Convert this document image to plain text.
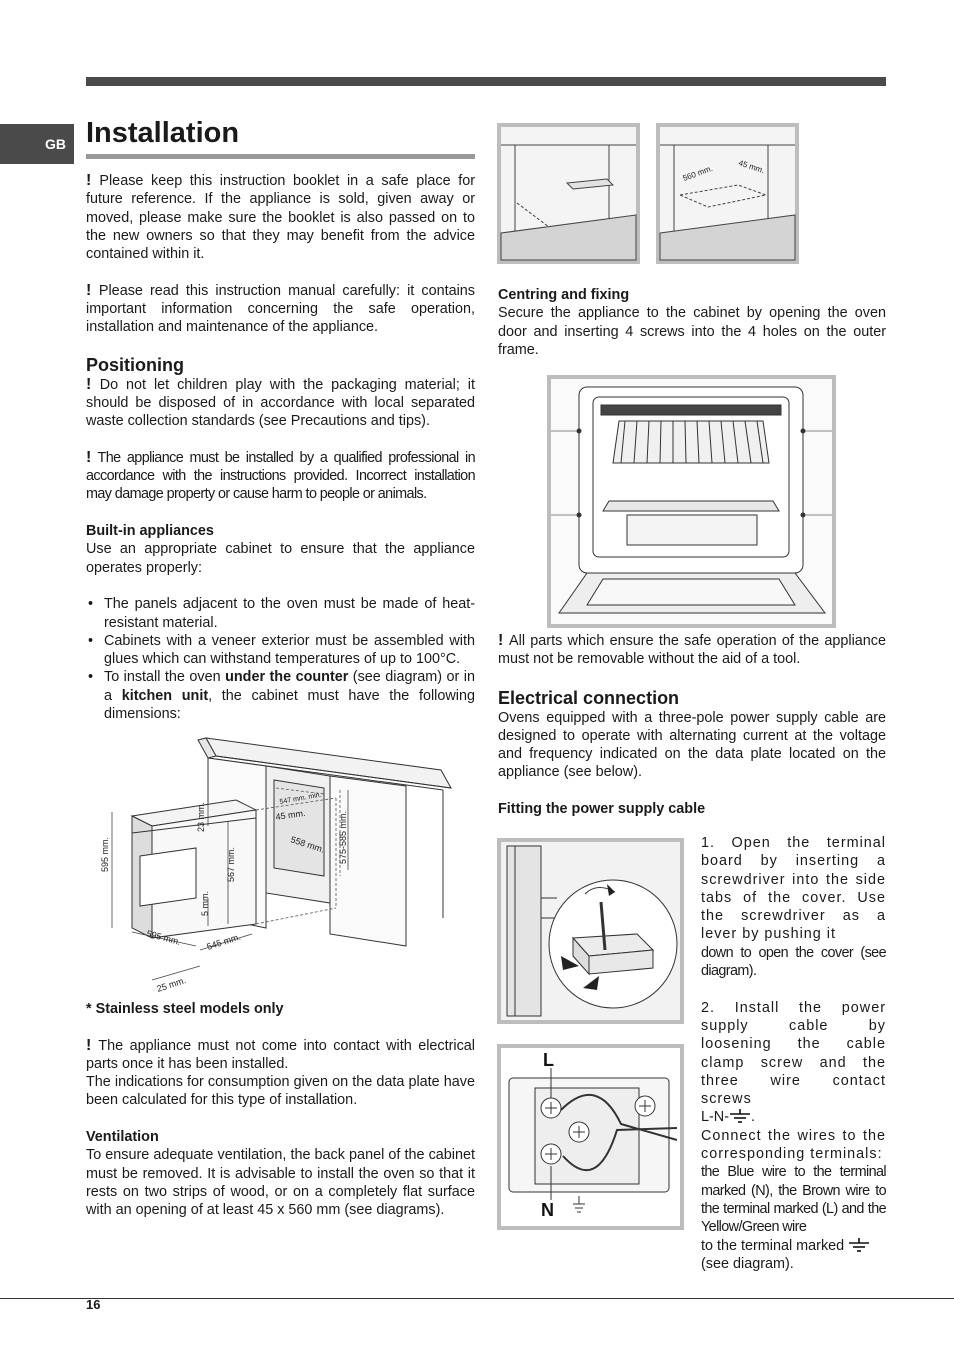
GB Installation

! Please keep this instruction booklet in a safe place for future reference. If the appliance is sold, given away or moved, please make sure the booklet is also passed on to the new owners so that they may benefit from the advice contained within it.

! Please read this instruction manual carefully: it contains important information concerning the safe operation, installation and maintenance of the appliance.

Positioning

! Do not let children play with the packaging material; it should be disposed of in accordance with local separated waste collection standards (see Precautions and tips).

! The appliance must be installed by a qualified professional in accordance with the instructions provided. Incorrect installation may damage property or cause harm to people or animals.

Built-in appliances

Use an appropriate cabinet to ensure that the appliance operates properly:

• The panels adjacent to the oven must be made of heat-resistant material.
• Cabinets with a veneer exterior must be assembled with glues which can withstand temperatures of up to 100°C.
• To install the oven under the counter (see diagram) or in a kitchen unit, the cabinet must have the following dimensions:
595 mm.
23 mm.
567 mm.
5 mm.
595 mm.	545 mm.
25 mm.
547 mm. min.
45 mm.
558 mm. 575-585 mm.
* Stainless steel models only

! The appliance must not come into contact with electrical parts once it has been installed.

The indications for consumption given on the data plate have been calculated for this type of installation.

Ventilation

To ensure adequate ventilation, the back panel of the cabinet must be removed. It is advisable to install the oven so that it rests on two strips of wood, or on a completely flat surface with an opening of at least 45 x 560 mm (see diagrams).

560 mm.	45 mm.
Centring and fixing

Secure the appliance to the cabinet by opening the oven door and inserting 4 screws into the 4 holes on the outer frame.

! All parts which ensure the safe operation of the appliance must not be removable without the aid of a tool.

Electrical connection

Ovens equipped with a three-pole power supply cable are designed to operate with alternating current at the voltage and frequency indicated on the data plate located on the appliance (see below).

Fitting the power supply cable
L
N

1. Open the terminal board by inserting a screwdriver into the side tabs of the cover. Use the screwdriver as a lever by pushing it

down to open the cover (see diagram).

2. Install the power supply cable by loosening the cable clamp screw and the three wire contact screws

L-N- .

Connect the wires to the corresponding terminals:

the Blue wire to the terminal marked (N), the Brown wire to the terminal marked (L) and the Yellow/Green wire

to the terminal marked

(see diagram).

16
